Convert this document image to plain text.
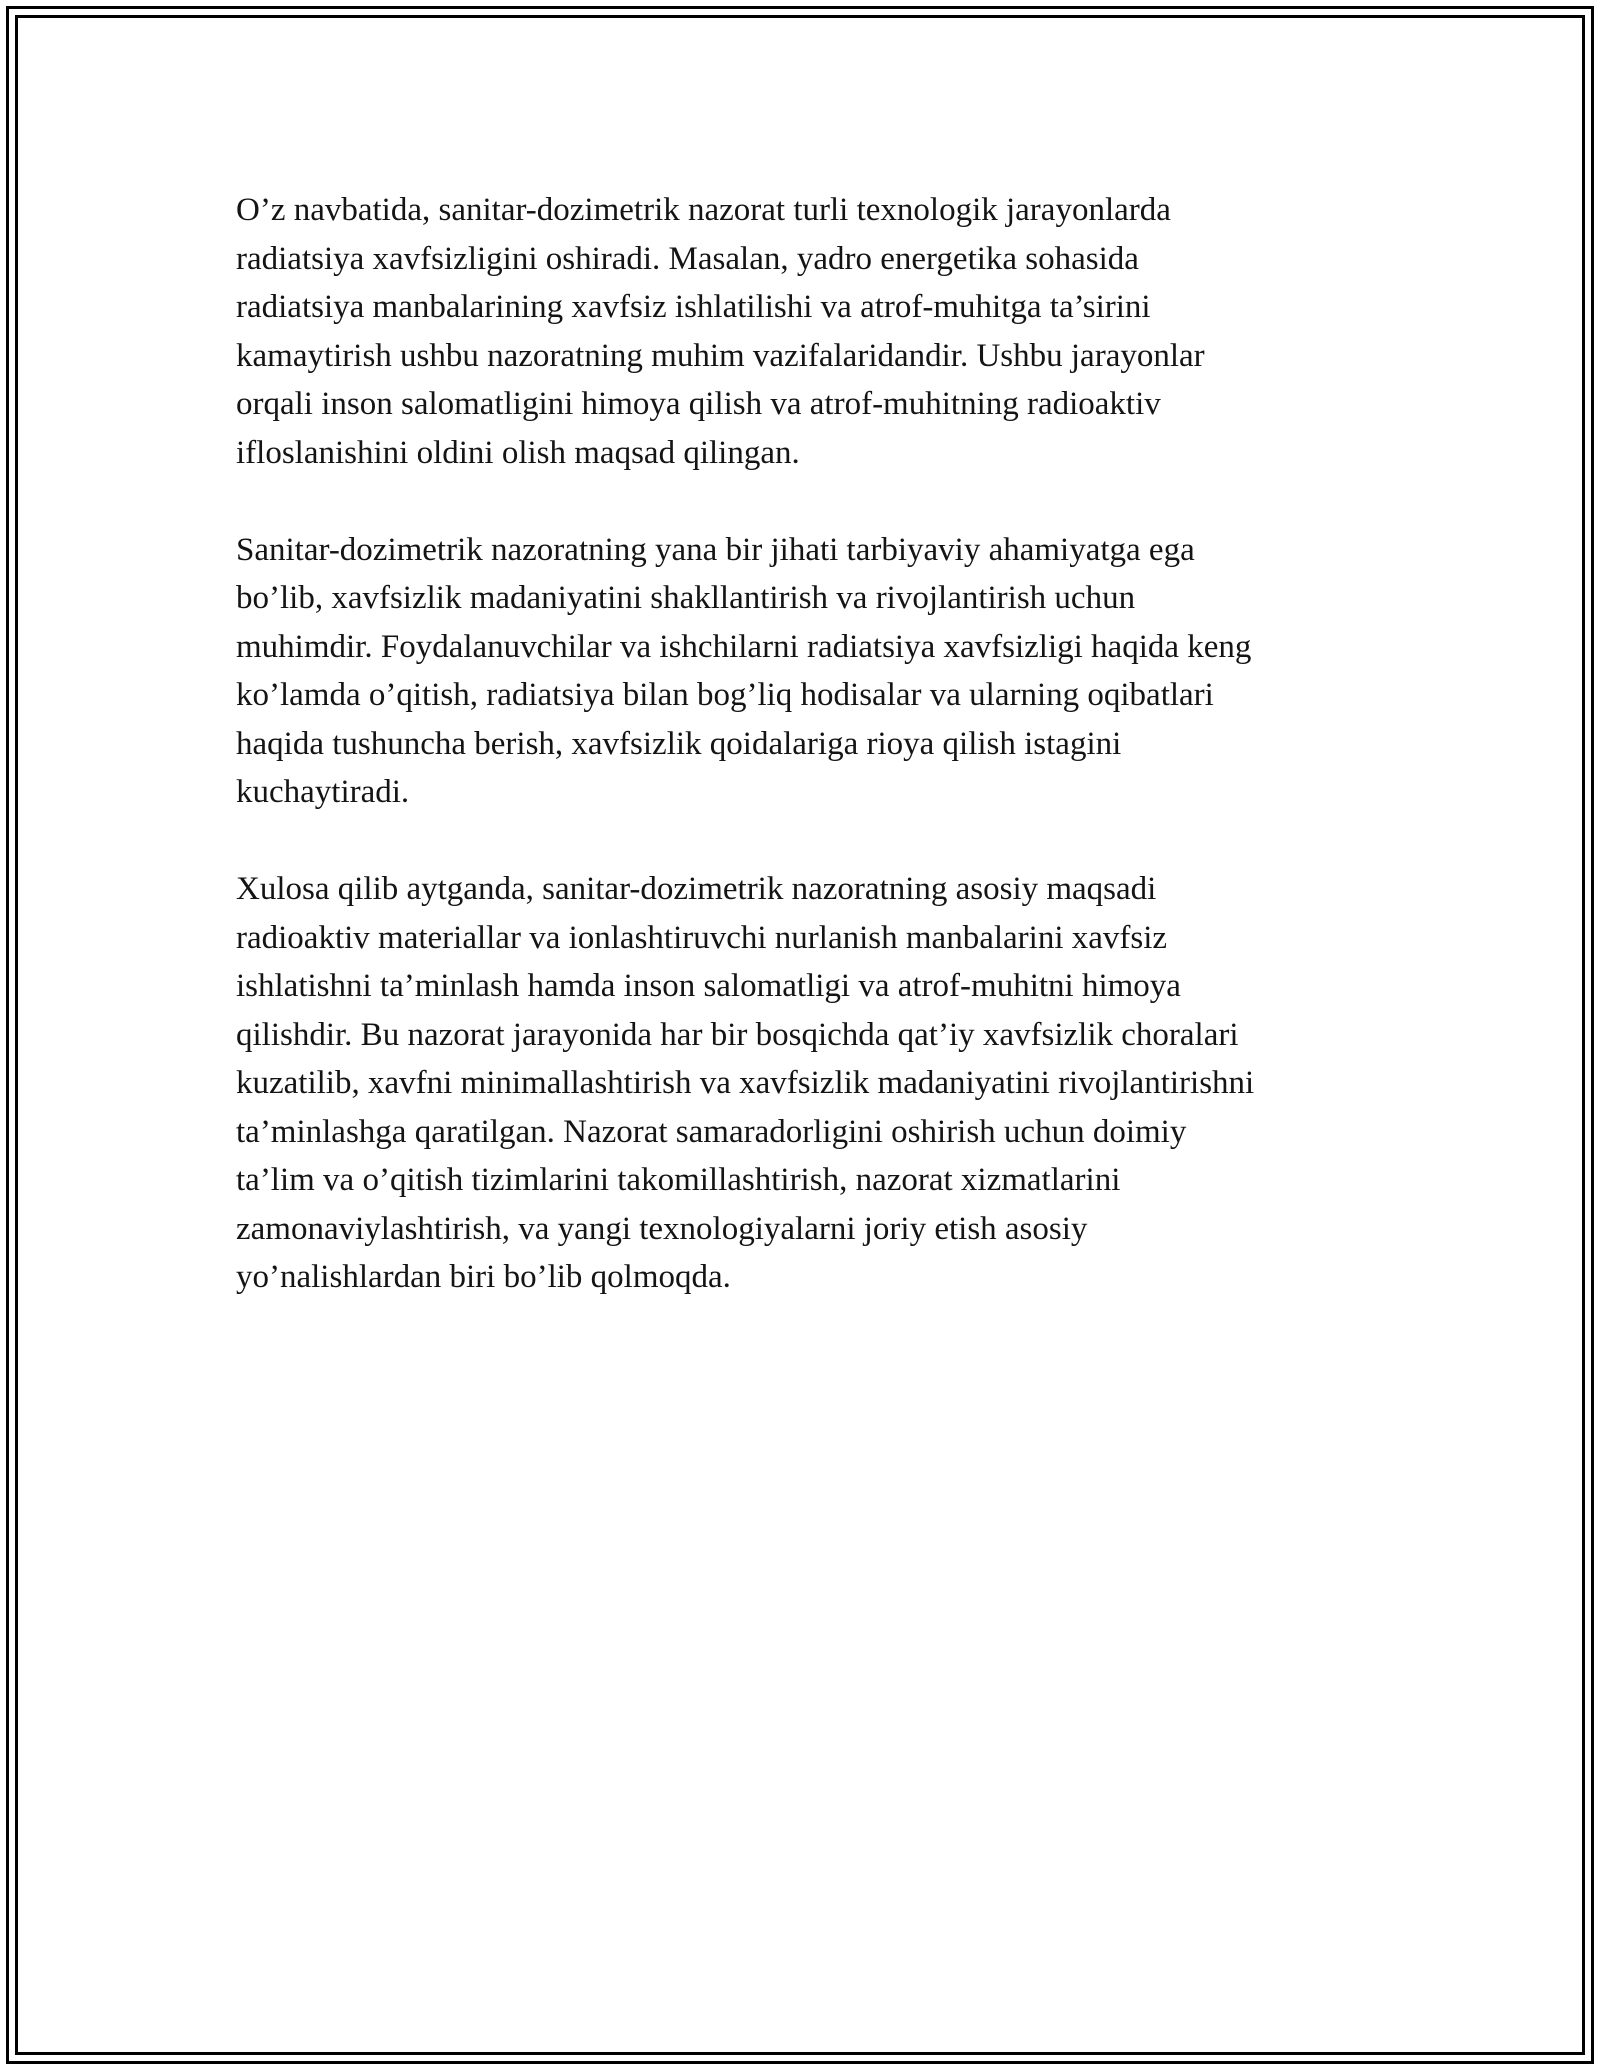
O’z navbatida, sanitar-dozimetrik nazorat turli texnologik jarayonlarda
radiatsiya xavfsizligini oshiradi. Masalan, yadro energetika sohasida
radiatsiya manbalarining xavfsiz ishlatilishi va atrof-muhitga ta’sirini
kamaytirish ushbu nazoratning muhim vazifalaridandir. Ushbu jarayonlar
orqali inson salomatligini himoya qilish va atrof-muhitning radioaktiv
ifloslanishini oldini olish maqsad qilingan.

Sanitar-dozimetrik nazoratning yana bir jihati tarbiyaviy ahamiyatga ega
bo’lib, xavfsizlik madaniyatini shakllantirish va rivojlantirish uchun
muhimdir. Foydalanuvchilar va ishchilarni radiatsiya xavfsizligi haqida keng
ko’lamda o’qitish, radiatsiya bilan bog’liq hodisalar va ularning oqibatlari
haqida tushuncha berish, xavfsizlik qoidalariga rioya qilish istagini
kuchaytiradi.

Xulosa qilib aytganda, sanitar-dozimetrik nazoratning asosiy maqsadi
radioaktiv materiallar va ionlashtiruvchi nurlanish manbalarini xavfsiz
ishlatishni ta’minlash hamda inson salomatligi va atrof-muhitni himoya
qilishdir. Bu nazorat jarayonida har bir bosqichda qat’iy xavfsizlik choralari
kuzatilib, xavfni minimallashtirish va xavfsizlik madaniyatini rivojlantirishni
ta’minlashga qaratilgan. Nazorat samaradorligini oshirish uchun doimiy
ta’lim va o’qitish tizimlarini takomillashtirish, nazorat xizmatlarini
zamonaviylashtirish, va yangi texnologiyalarni joriy etish asosiy
yo’nalishlardan biri bo’lib qolmoqda.
